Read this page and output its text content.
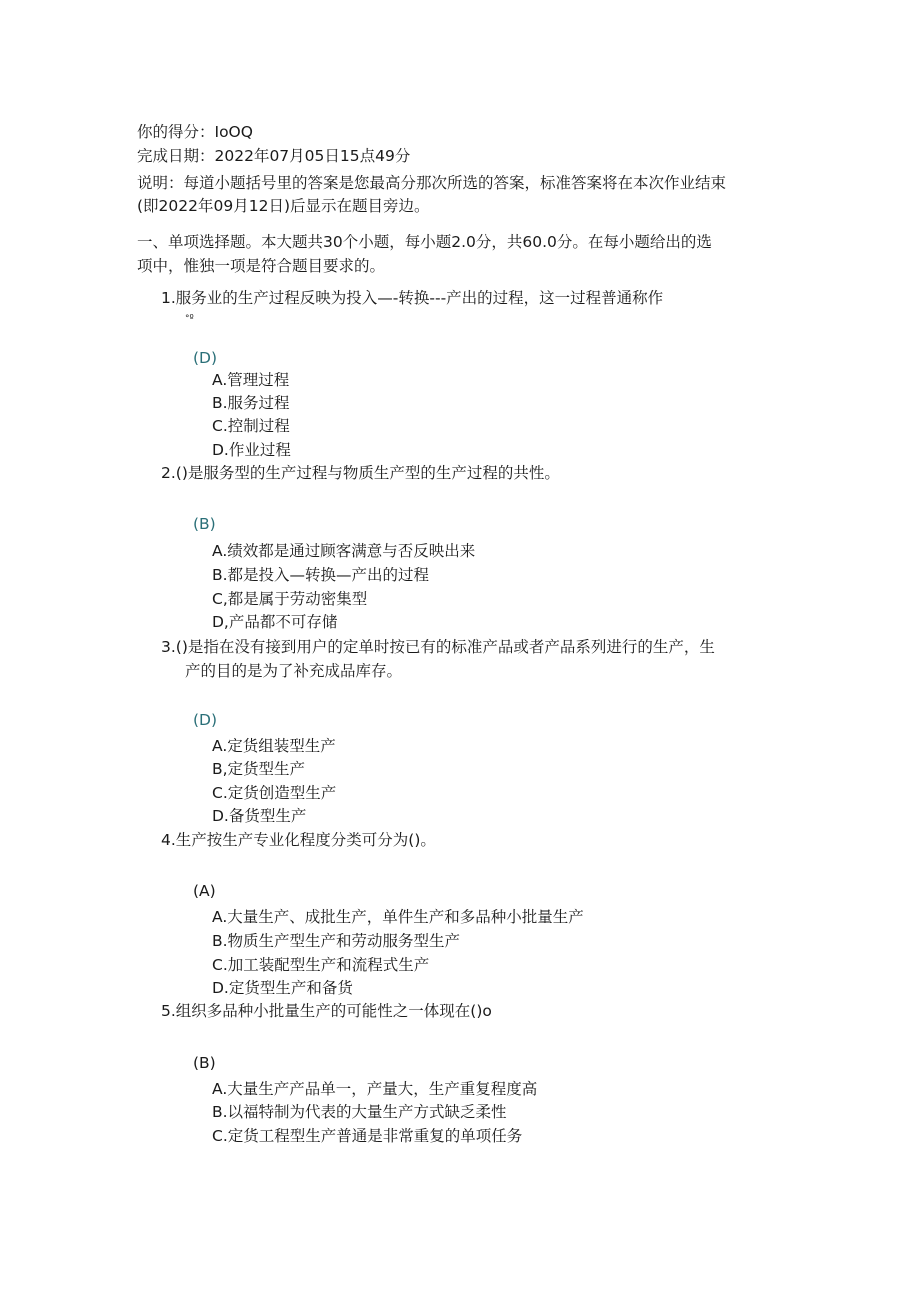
你的得分：IoOQ
完成日期：2022年07月05日15点49分
说明：每道小题括号里的答案是您最高分那次所选的答案，标准答案将在本次作业结束
(即2022年09月12日)后显示在题目旁边。
一、单项选择题。本大题共30个小题，每小题2.0分，共60.0分。在每小题给出的选
项中，惟独一项是符合题目要求的。
1.服务业的生产过程反映为投入—-转换---产出的过程，这一过程普通称作
°º
(D)
A.管理过程
B.服务过程
C.控制过程
D.作业过程
2.()是服务型的生产过程与物质生产型的生产过程的共性。
(B)
A.绩效都是通过顾客满意与否反映出来
B.都是投入—转换—产出的过程
C,都是属于劳动密集型
D,产品都不可存储
3.()是指在没有接到用户的定单时按已有的标准产品或者产品系列进行的生产，生
产的目的是为了补充成品库存。
(D)
A.定货组装型生产
B,定货型生产
C.定货创造型生产
D.备货型生产
4.生产按生产专业化程度分类可分为()。
(A)
A.大量生产、成批生产，单件生产和多品种小批量生产
B.物质生产型生产和劳动服务型生产
C.加工装配型生产和流程式生产
D.定货型生产和备货
5.组织多品种小批量生产的可能性之一体现在()o
(B)
A.大量生产产品单一，产量大，生产重复程度高
B.以福特制为代表的大量生产方式缺乏柔性
C.定货工程型生产普通是非常重复的单项任务
